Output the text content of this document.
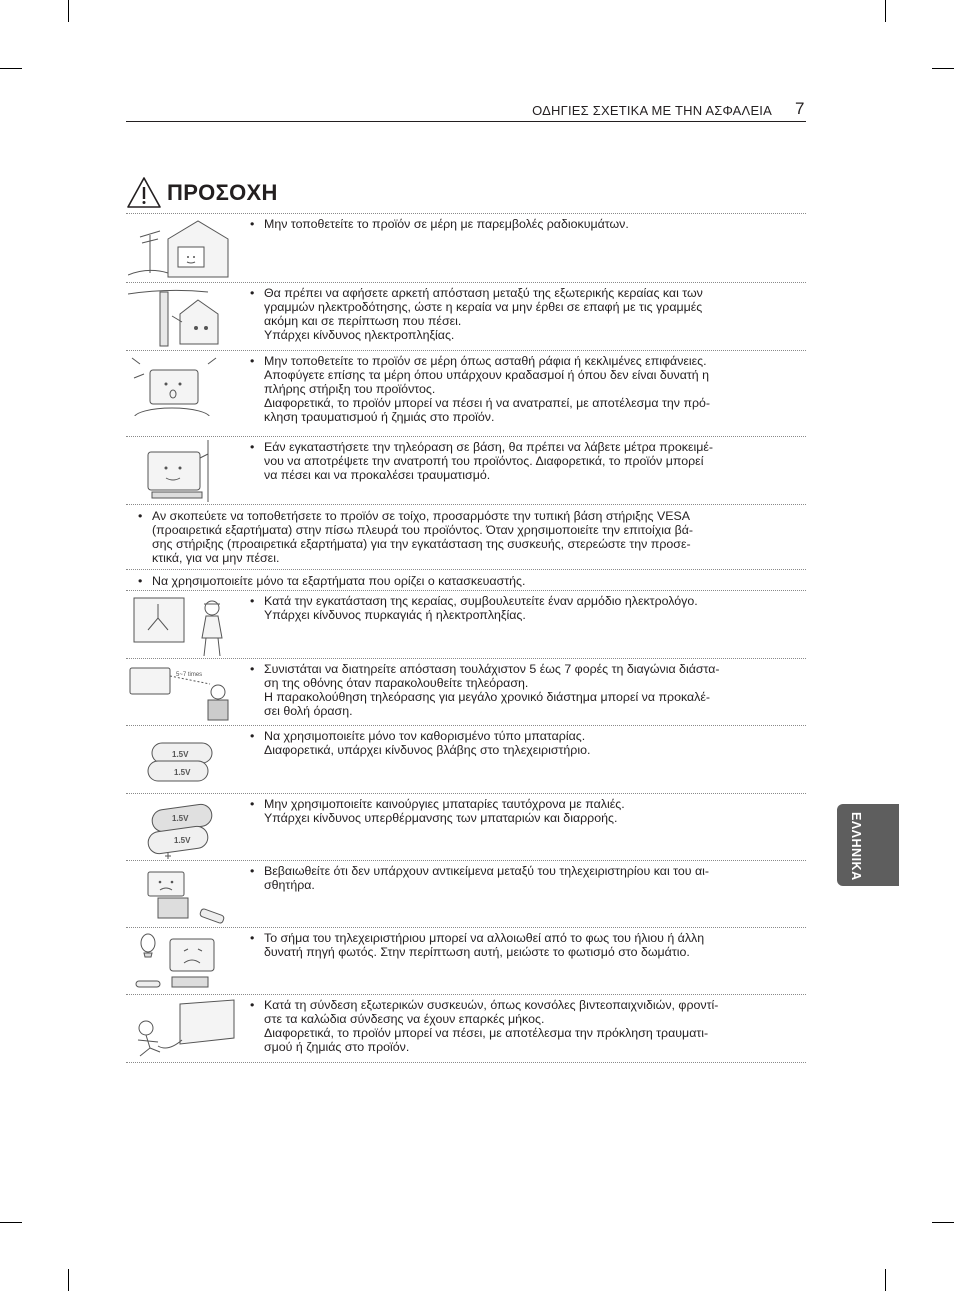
ΟΔΗΓΙΕΣ ΣΧΕΤΙΚΑ ΜΕ ΤΗΝ ΑΣΦΑΛΕΙΑ 7
ΠΡΟΣΟΧΗ
• Μην τοποθετείτε το προϊόν σε μέρη με παρεμβολές ραδιοκυμάτων.
• Θα πρέπει να αφήσετε αρκετή απόσταση μεταξύ της εξωτερικής κεραίας και των
γραμμών ηλεκτροδότησης, ώστε η κεραία να μην έρθει σε επαφή με τις γραμμές
ακόμη και σε περίπτωση που πέσει.
Υπάρχει κίνδυνος ηλεκτροπληξίας.
• Μην τοποθετείτε το προϊόν σε μέρη όπως ασταθή ράφια ή κεκλιμένες επιφάνειες.
Αποφύγετε επίσης τα μέρη όπου υπάρχουν κραδασμοί ή όπου δεν είναι δυνατή η
πλήρης στήριξη του προϊόντος.
Διαφορετικά, το προϊόν μπορεί να πέσει ή να ανατραπεί, με αποτέλεσμα την πρό-
κληση τραυματισμού ή ζημιάς στο προϊόν.
• Εάν εγκαταστήσετε την τηλεόραση σε βάση, θα πρέπει να λάβετε μέτρα προκειμέ-
νου να αποτρέψετε την ανατροπή του προϊόντος. Διαφορετικά, το προϊόν μπορεί
να πέσει και να προκαλέσει τραυματισμό.
• Αν σκοπεύετε να τοποθετήσετε το προϊόν σε τοίχο, προσαρμόστε την τυπική βάση στήριξης VESA
(προαιρετικά εξαρτήματα) στην πίσω πλευρά του προϊόντος. Όταν χρησιμοποιείτε την επιτοίχια βά-
σης στήριξης (προαιρετικά εξαρτήματα) για την εγκατάσταση της συσκευής, στερεώστε την προσε-
κτικά, για να μην πέσει.
• Να χρησιμοποιείτε μόνο τα εξαρτήματα που ορίζει ο κατασκευαστής.
• Κατά την εγκατάσταση της κεραίας, συμβουλευτείτε έναν αρμόδιο ηλεκτρολόγο.
Υπάρχει κίνδυνος πυρκαγιάς ή ηλεκτροπληξίας.
5~7 times
•	Συνιστάται να διατηρείτε απόσταση τουλάχιστον 5 έως 7 φορές τη διαγώνια διάστα-
ση της οθόνης όταν παρακολουθείτε τηλεόραση.
Η παρακολούθηση τηλεόρασης για μεγάλο χρονικό διάστημα μπορεί να προκαλέ-
σει θολή όραση.
1.5V
1.5V
• Να χρησιμοποιείτε μόνο τον καθορισμένο τύπο μπαταρίας.
Διαφορετικά, υπάρχει κίνδυνος βλάβης στο τηλεχειριστήριο.
1.5V
1.5V
• Μην χρησιμοποιείτε καινούργιες μπαταρίες ταυτόχρονα με παλιές.
Υπάρχει κίνδυνος υπερθέρμανσης των μπαταριών και διαρροής.
• Βεβαιωθείτε ότι δεν υπάρχουν αντικείμενα μεταξύ του τηλεχειριστηρίου και του αι-
σθητήρα.
• Το σήμα του τηλεχειριστήριου μπορεί να αλλοιωθεί από το φως του ήλιου ή άλλη
δυνατή πηγή φωτός. Στην περίπτωση αυτή, μειώστε το φωτισμό στο δωμάτιο.
• Κατά τη σύνδεση εξωτερικών συσκευών, όπως κονσόλες βιντεοπαιχνιδιών, φροντί-
στε τα καλώδια σύνδεσης να έχουν επαρκές μήκος.
Διαφορετικά, το προϊόν μπορεί να πέσει, με αποτέλεσμα την πρόκληση τραυματι-
σμού ή ζημιάς στο προϊόν.
ΕΛΛΗΝΙΚΑ
